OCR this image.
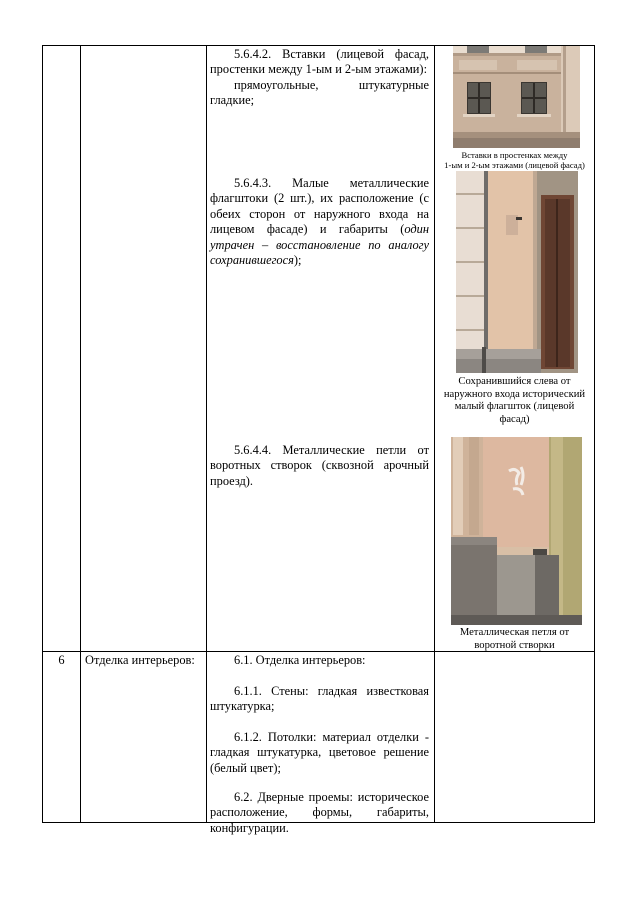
5.6.4.2. Вставки (лицевой фасад, простенки между 1-ым и 2-ым этажами):

прямоугольные, штукатурные гладкие;

5.6.4.3. Малые металлические флагштоки (2 шт.), их расположение (с обеих сторон от наружного входа на лицевом фасаде) и габариты (один утрачен – восстановление по аналогу сохранившегося);

5.6.4.4. Металлические петли от воротных створок (сквозной арочный проезд).

Вставки в простенках между
1-ым и 2-ым этажами (лицевой фасад)
Сохранившийся слева от
наружного входа исторический
малый флагшток (лицевой
фасад)
Металлическая петля от
воротной створки
6	Отделка интерьеров:	6.1. Отделка интерьеров:

6.1.1. Стены: гладкая известковая штукатурка;

6.1.2. Потолки: материал отделки - гладкая штукатурка, цветовое решение (белый цвет);

6.2. Дверные проемы: историческое расположение, формы, габариты, конфигурации.
